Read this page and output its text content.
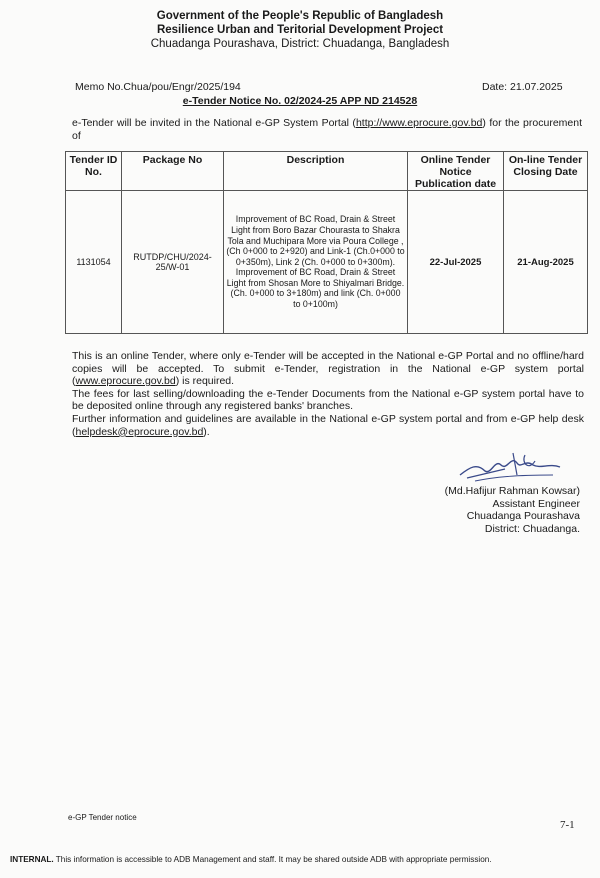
Government of the People's Republic of Bangladesh
Resilience Urban and Teritorial Development Project
Chuadanga Pourashava, District: Chuadanga, Bangladesh
Memo No.Chua/pou/Engr/2025/194	Date: 21.07.2025
e-Tender Notice No. 02/2024-25 APP ND 214528
e-Tender will be invited in the National e-GP System Portal (http://www.eprocure.gov.bd) for the procurement of
Tender ID No.	Package No	Description	Online Tender Notice Publication date	On-line Tender Closing Date
1131054	RUTDP/CHU/2024-25/W-01	Improvement of BC Road, Drain & Street Light from Boro Bazar Chourasta to Shakra Tola and Muchipara More via Poura College ,(Ch 0+000 to 2+920) and Link-1 (Ch.0+000 to 0+350m), Link 2 (Ch. 0+000 to 0+300m). Improvement of BC Road, Drain & Street Light from Shosan More to Shiyalmari Bridge. (Ch. 0+000 to 3+180m) and link (Ch. 0+000 to 0+100m)	22-Jul-2025	21-Aug-2025

This is an online Tender, where only e-Tender will be accepted in the National e-GP Portal and no offline/hard copies will be accepted. To submit e-Tender, registration in the National e-GP system portal (www.eprocure.gov.bd) is required.

The fees for last selling/downloading the e-Tender Documents from the National e-GP system portal have to be deposited online through any registered banks' branches.

Further information and guidelines are available in the National e-GP system portal and from e-GP help desk (helpdesk@eprocure.gov.bd).

(Md.Hafijur Rahman Kowsar)
Assistant Engineer
Chuadanga Pourashava
District: Chuadanga.
e-GP Tender notice
7-1
INTERNAL. This information is accessible to ADB Management and staff. It may be shared outside ADB with appropriate permission.
